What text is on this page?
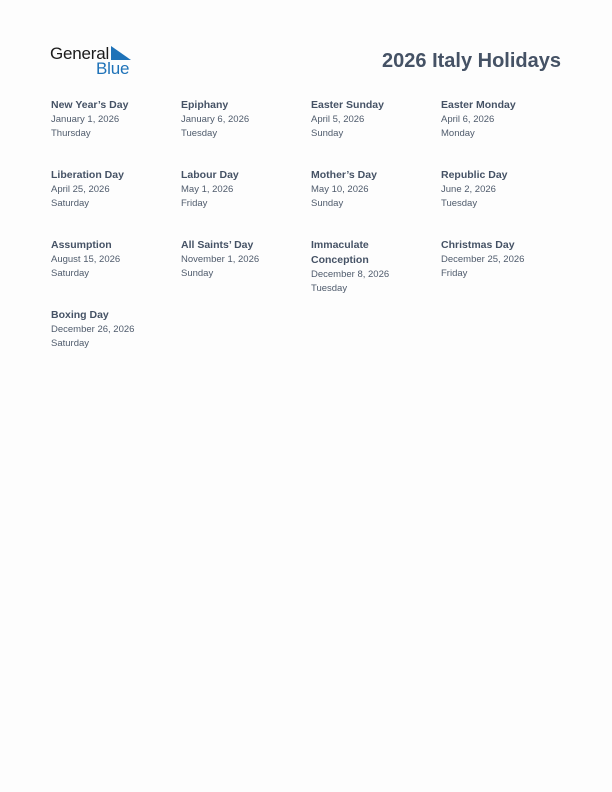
General
Blue	2026 Italy Holidays
New Year’s Day
January 1, 2026
Thursday
Epiphany
January 6, 2026
Tuesday
Easter Sunday
April 5, 2026
Sunday
Easter Monday
April 6, 2026
Monday
Liberation Day
April 25, 2026
Saturday
Labour Day
May 1, 2026
Friday
Mother’s Day
May 10, 2026
Sunday
Republic Day
June 2, 2026
Tuesday
Assumption
August 15, 2026
Saturday
All Saints’ Day
November 1, 2026
Sunday
Immaculate Conception
December 8, 2026
Tuesday
Christmas Day
December 25, 2026
Friday
Boxing Day
December 26, 2026
Saturday
